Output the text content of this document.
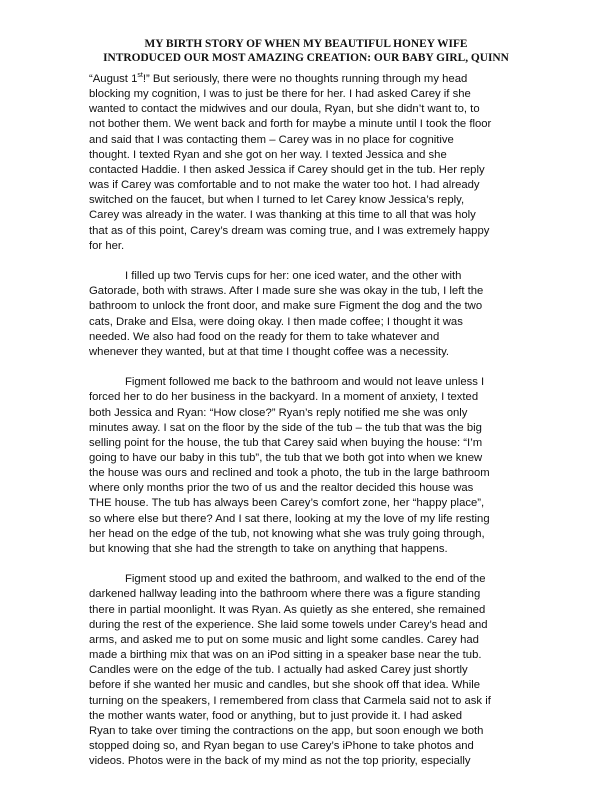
MY BIRTH STORY OF WHEN MY BEAUTIFUL HONEY WIFE
INTRODUCED OUR MOST AMAZING CREATION: OUR BABY GIRL, QUINN
“August 1st!” But seriously, there were no thoughts running through my head
blocking my cognition, I was to just be there for her. I had asked Carey if she
wanted to contact the midwives and our doula, Ryan, but she didn’t want to, to
not bother them. We went back and forth for maybe a minute until I took the floor
and said that I was contacting them – Carey was in no place for cognitive
thought. I texted Ryan and she got on her way. I texted Jessica and she
contacted Haddie. I then asked Jessica if Carey should get in the tub. Her reply
was if Carey was comfortable and to not make the water too hot. I had already
switched on the faucet, but when I turned to let Carey know Jessica’s reply,
Carey was already in the water. I was thanking at this time to all that was holy
that as of this point, Carey’s dream was coming true, and I was extremely happy
for her.
I filled up two Tervis cups for her: one iced water, and the other with
Gatorade, both with straws. After I made sure she was okay in the tub, I left the
bathroom to unlock the front door, and make sure Figment the dog and the two
cats, Drake and Elsa, were doing okay. I then made coffee; I thought it was
needed. We also had food on the ready for them to take whatever and
whenever they wanted, but at that time I thought coffee was a necessity.
Figment followed me back to the bathroom and would not leave unless I
forced her to do her business in the backyard. In a moment of anxiety, I texted
both Jessica and Ryan: “How close?” Ryan’s reply notified me she was only
minutes away. I sat on the floor by the side of the tub – the tub that was the big
selling point for the house, the tub that Carey said when buying the house: “I’m
going to have our baby in this tub”, the tub that we both got into when we knew
the house was ours and reclined and took a photo, the tub in the large bathroom
where only months prior the two of us and the realtor decided this house was
THE house. The tub has always been Carey’s comfort zone, her “happy place”,
so where else but there? And I sat there, looking at my the love of my life resting
her head on the edge of the tub, not knowing what she was truly going through,
but knowing that she had the strength to take on anything that happens.
Figment stood up and exited the bathroom, and walked to the end of the
darkened hallway leading into the bathroom where there was a figure standing
there in partial moonlight. It was Ryan. As quietly as she entered, she remained
during the rest of the experience. She laid some towels under Carey’s head and
arms, and asked me to put on some music and light some candles. Carey had
made a birthing mix that was on an iPod sitting in a speaker base near the tub.
Candles were on the edge of the tub. I actually had asked Carey just shortly
before if she wanted her music and candles, but she shook off that idea. While
turning on the speakers, I remembered from class that Carmela said not to ask if
the mother wants water, food or anything, but to just provide it. I had asked
Ryan to take over timing the contractions on the app, but soon enough we both
stopped doing so, and Ryan began to use Carey’s iPhone to take photos and
videos. Photos were in the back of my mind as not the top priority, especially
